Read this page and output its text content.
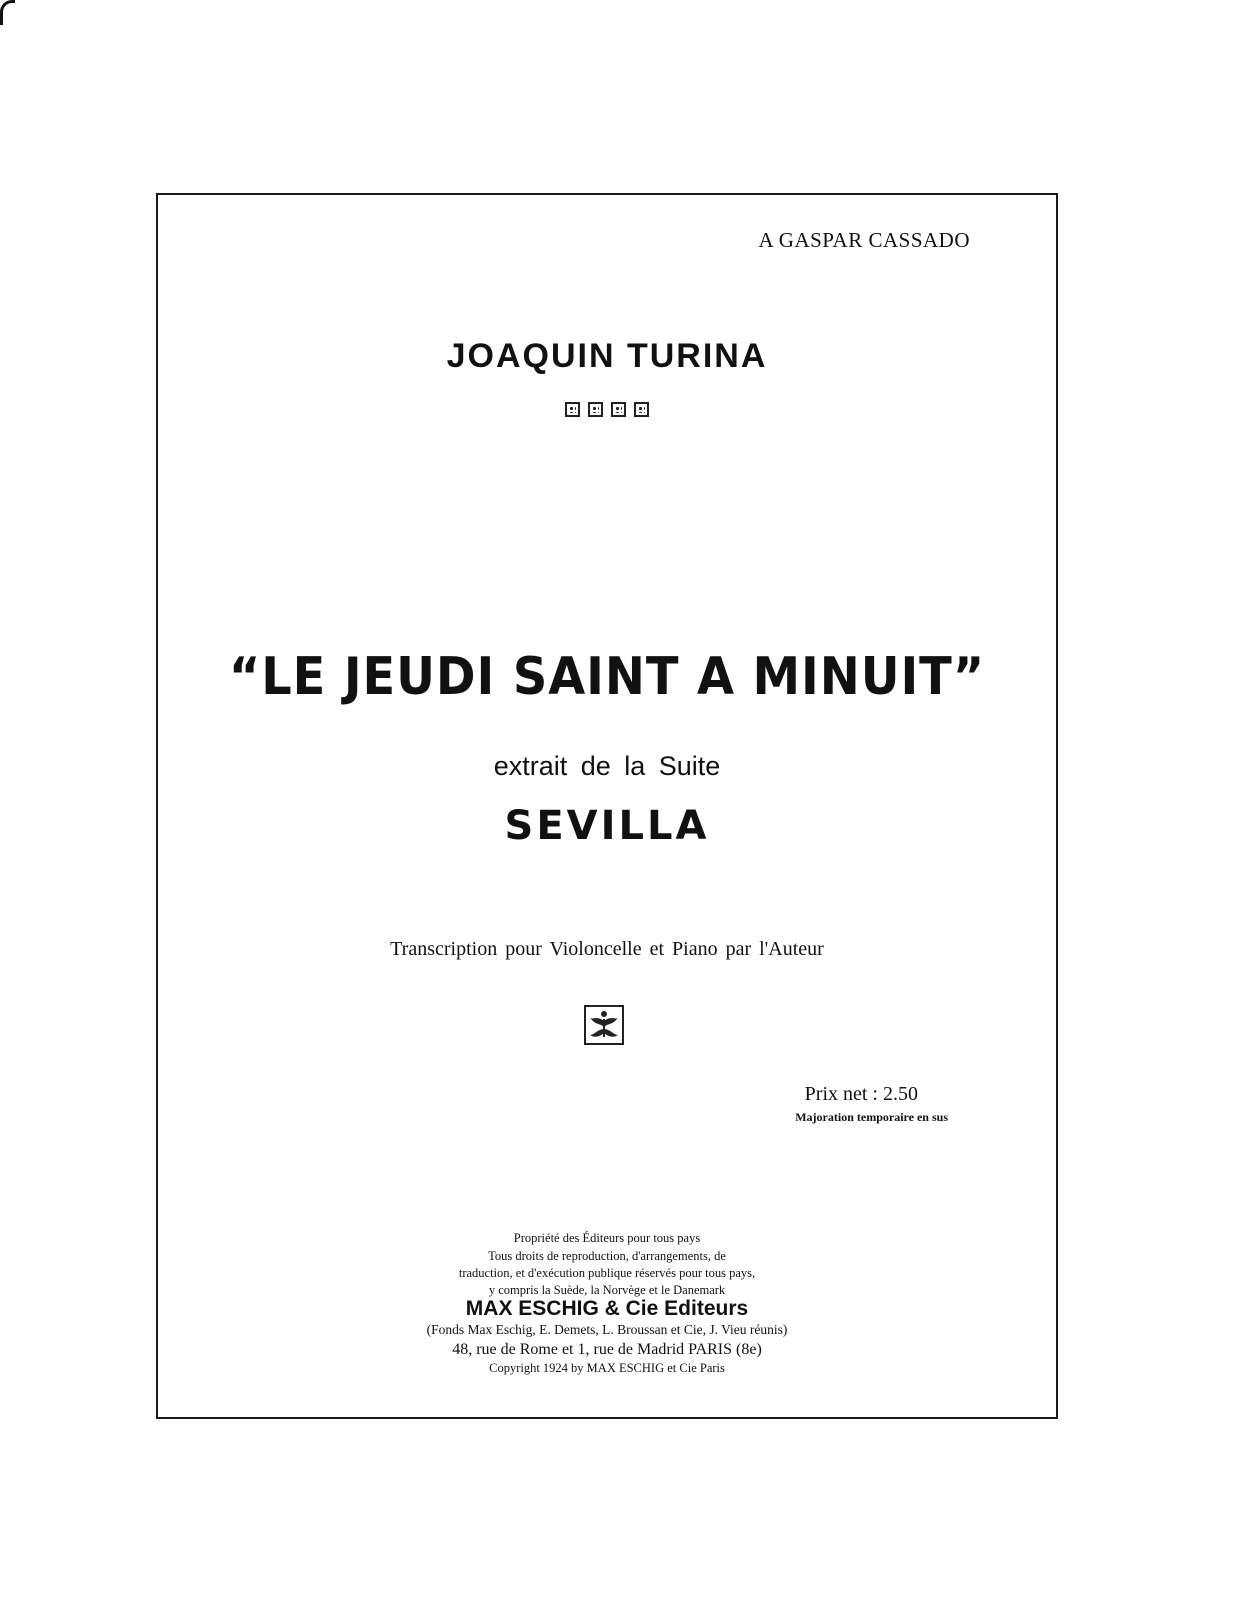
A GASPAR CASSADO
JOAQUIN TURINA

“LE JEUDI SAINT A MINUIT”
extrait de la Suite
SEVILLA
Transcription pour Violoncelle et Piano par l'Auteur
Prix net : 2.50
Majoration temporaire en sus
Propriété des Éditeurs pour tous pays
Tous droits de reproduction, d'arrangements, de
traduction, et d'exécution publique réservés pour tous pays,
y compris la Suède, la Norvège et le Danemark
MAX ESCHIG & Cie Editeurs
(Fonds Max Eschig, E. Demets, L. Broussan et Cie, J. Vieu réunis)
48, rue de Rome et 1, rue de Madrid PARIS (8e)
Copyright 1924 by MAX ESCHIG et Cie Paris
